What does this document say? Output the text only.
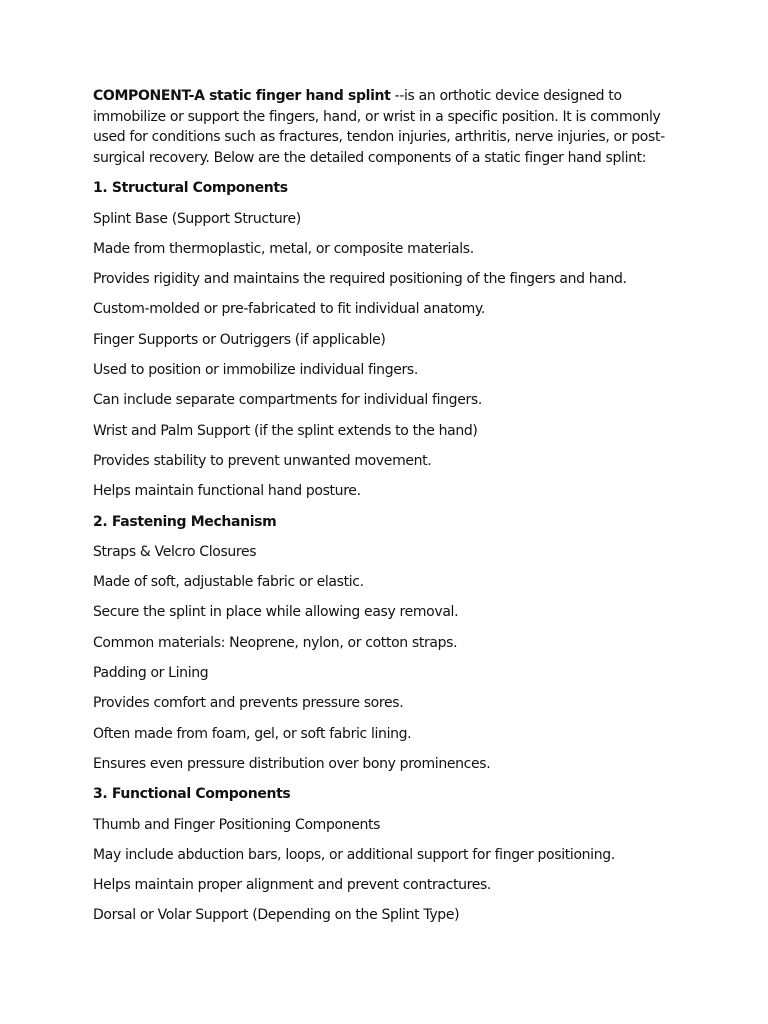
COMPONENT-A static finger hand splint --is an orthotic device designed to immobilize or support the fingers, hand, or wrist in a specific position. It is commonly used for conditions such as fractures, tendon injuries, arthritis, nerve injuries, or post-surgical recovery. Below are the detailed components of a static finger hand splint:

1. Structural Components

Splint Base (Support Structure)

Made from thermoplastic, metal, or composite materials.

Provides rigidity and maintains the required positioning of the fingers and hand.

Custom-molded or pre-fabricated to fit individual anatomy.

Finger Supports or Outriggers (if applicable)

Used to position or immobilize individual fingers.

Can include separate compartments for individual fingers.

Wrist and Palm Support (if the splint extends to the hand)

Provides stability to prevent unwanted movement.

Helps maintain functional hand posture.

2. Fastening Mechanism

Straps & Velcro Closures

Made of soft, adjustable fabric or elastic.

Secure the splint in place while allowing easy removal.

Common materials: Neoprene, nylon, or cotton straps.

Padding or Lining

Provides comfort and prevents pressure sores.

Often made from foam, gel, or soft fabric lining.

Ensures even pressure distribution over bony prominences.

3. Functional Components

Thumb and Finger Positioning Components

May include abduction bars, loops, or additional support for finger positioning.

Helps maintain proper alignment and prevent contractures.

Dorsal or Volar Support (Depending on the Splint Type)
